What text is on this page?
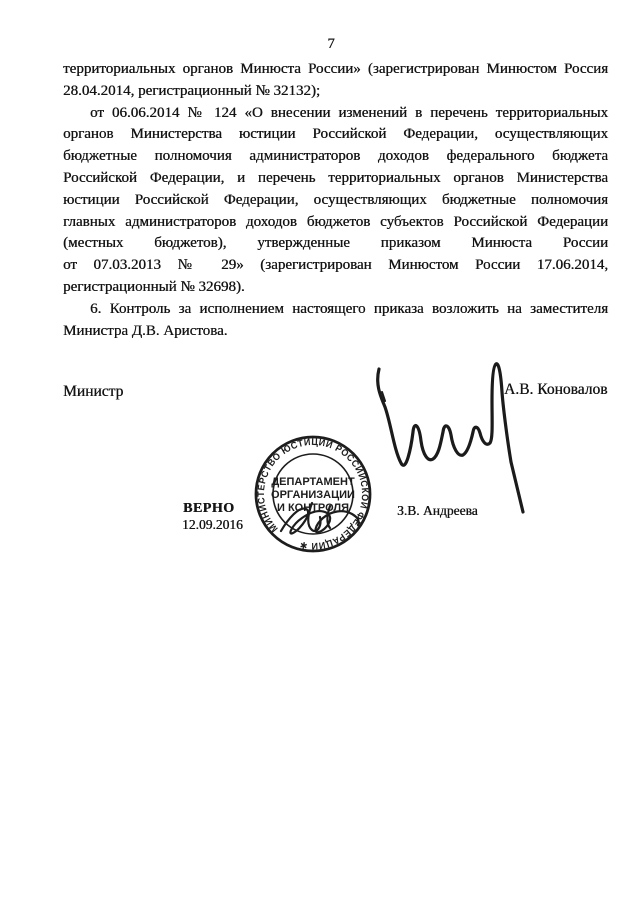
7
территориальных органов Минюста России» (зарегистрирован Минюстом Россия
28.04.2014, регистрационный № 32132);
от 06.06.2014 № 124 «О внесении изменений в перечень территориальных
органов Министерства юстиции Российской Федерации, осуществляющих
бюджетные полномочия администраторов доходов федерального бюджета
Российской Федерации, и перечень территориальных органов Министерства
юстиции Российской Федерации, осуществляющих бюджетные полномочия
главных администраторов доходов бюджетов субъектов Российской Федерации
(местных бюджетов), утвержденные приказом Минюста России
от 07.03.2013 № 29» (зарегистрирован Минюстом России 17.06.2014,
регистрационный № 32698).
6. Контроль за исполнением настоящего приказа возложить на заместителя
Министра Д.В. Аристова.
Министр	А.В. Коновалов
ВЕРНО
12.09.2016
З.В. Андреева
МИНИСТЕРСТВО ЮСТИЦИИ РОССИЙСКОЙ ФЕДЕРАЦИИ ✱
ДЕПАРТАМЕНТ
ОРГАНИЗАЦИИ
И КОНТРОЛЯ
